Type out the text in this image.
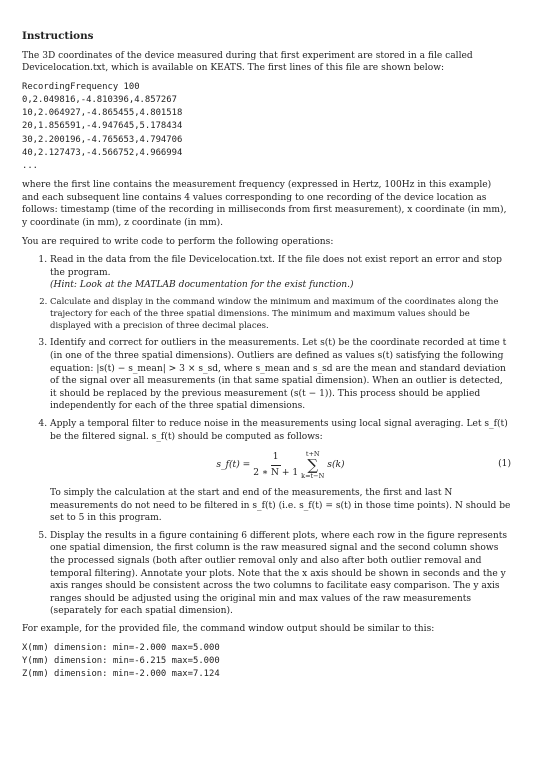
Instructions

The 3D coordinates of the device measured during that first experiment are stored in a file called Devicelocation.txt, which is available on KEATS. The first lines of this file are shown below:

RecordingFrequency 100
0,2.049816,-4.810396,4.857267
10,2.064927,-4.865455,4.801518
20,1.856591,-4.947645,5.178434
30,2.200196,-4.765653,4.794706
40,2.127473,-4.566752,4.966994
...

where the first line contains the measurement frequency (expressed in Hertz, 100Hz in this example) and each subsequent line contains 4 values corresponding to one recording of the device location as follows: timestamp (time of the recording in milliseconds from first measurement), x coordinate (in mm), y coordinate (in mm), z coordinate (in mm).

You are required to write code to perform the following operations:

1. Read in the data from the file Devicelocation.txt. If the file does not exist report an error and stop the program.
(Hint: Look at the MATLAB documentation for the exist function.)
2. Calculate and display in the command window the minimum and maximum of the coordinates along the trajectory for each of the three spatial dimensions. The minimum and maximum values should be displayed with a precision of three decimal places.
3. Identify and correct for outliers in the measurements. Let s(t) be the coordinate recorded at time t (in one of the three spatial dimensions). Outliers are defined as values s(t) satisfying the following equation: |s(t) − s_mean| > 3 × s_sd, where s_mean and s_sd are the mean and standard deviation of the signal over all measurements (in that same spatial dimension). When an outlier is detected, it should be replaced by the previous measurement (s(t − 1)). This process should be applied independently for each of the three spatial dimensions.
4. Apply a temporal filter to reduce noise in the measurements using local signal averaging. Let s_f(t) be the filtered signal. s_f(t) should be computed as follows:
s_f(t) = $\frac{1}{2 ∗ N + 1} t+N$
∑
k=t−N
s(k)	(1)
To simply the calculation at the start and end of the measurements, the first and last N measurements do not need to be filtered in s_f(t) (i.e. s_f(t) = s(t) in those time points). N should be set to 5 in this program.
5. Display the results in a figure containing 6 different plots, where each row in the figure represents one spatial dimension, the first column is the raw measured signal and the second column shows the processed signals (both after outlier removal only and also after both outlier removal and temporal filtering). Annotate your plots. Note that the x axis should be shown in seconds and the y axis ranges should be consistent across the two columns to facilitate easy comparison. The y axis ranges should be adjusted using the original min and max values of the raw measurements (separately for each spatial dimension).

For example, for the provided file, the command window output should be similar to this:

X(mm) dimension: min=-2.000 max=5.000
Y(mm) dimension: min=-6.215 max=5.000
Z(mm) dimension: min=-2.000 max=7.124
